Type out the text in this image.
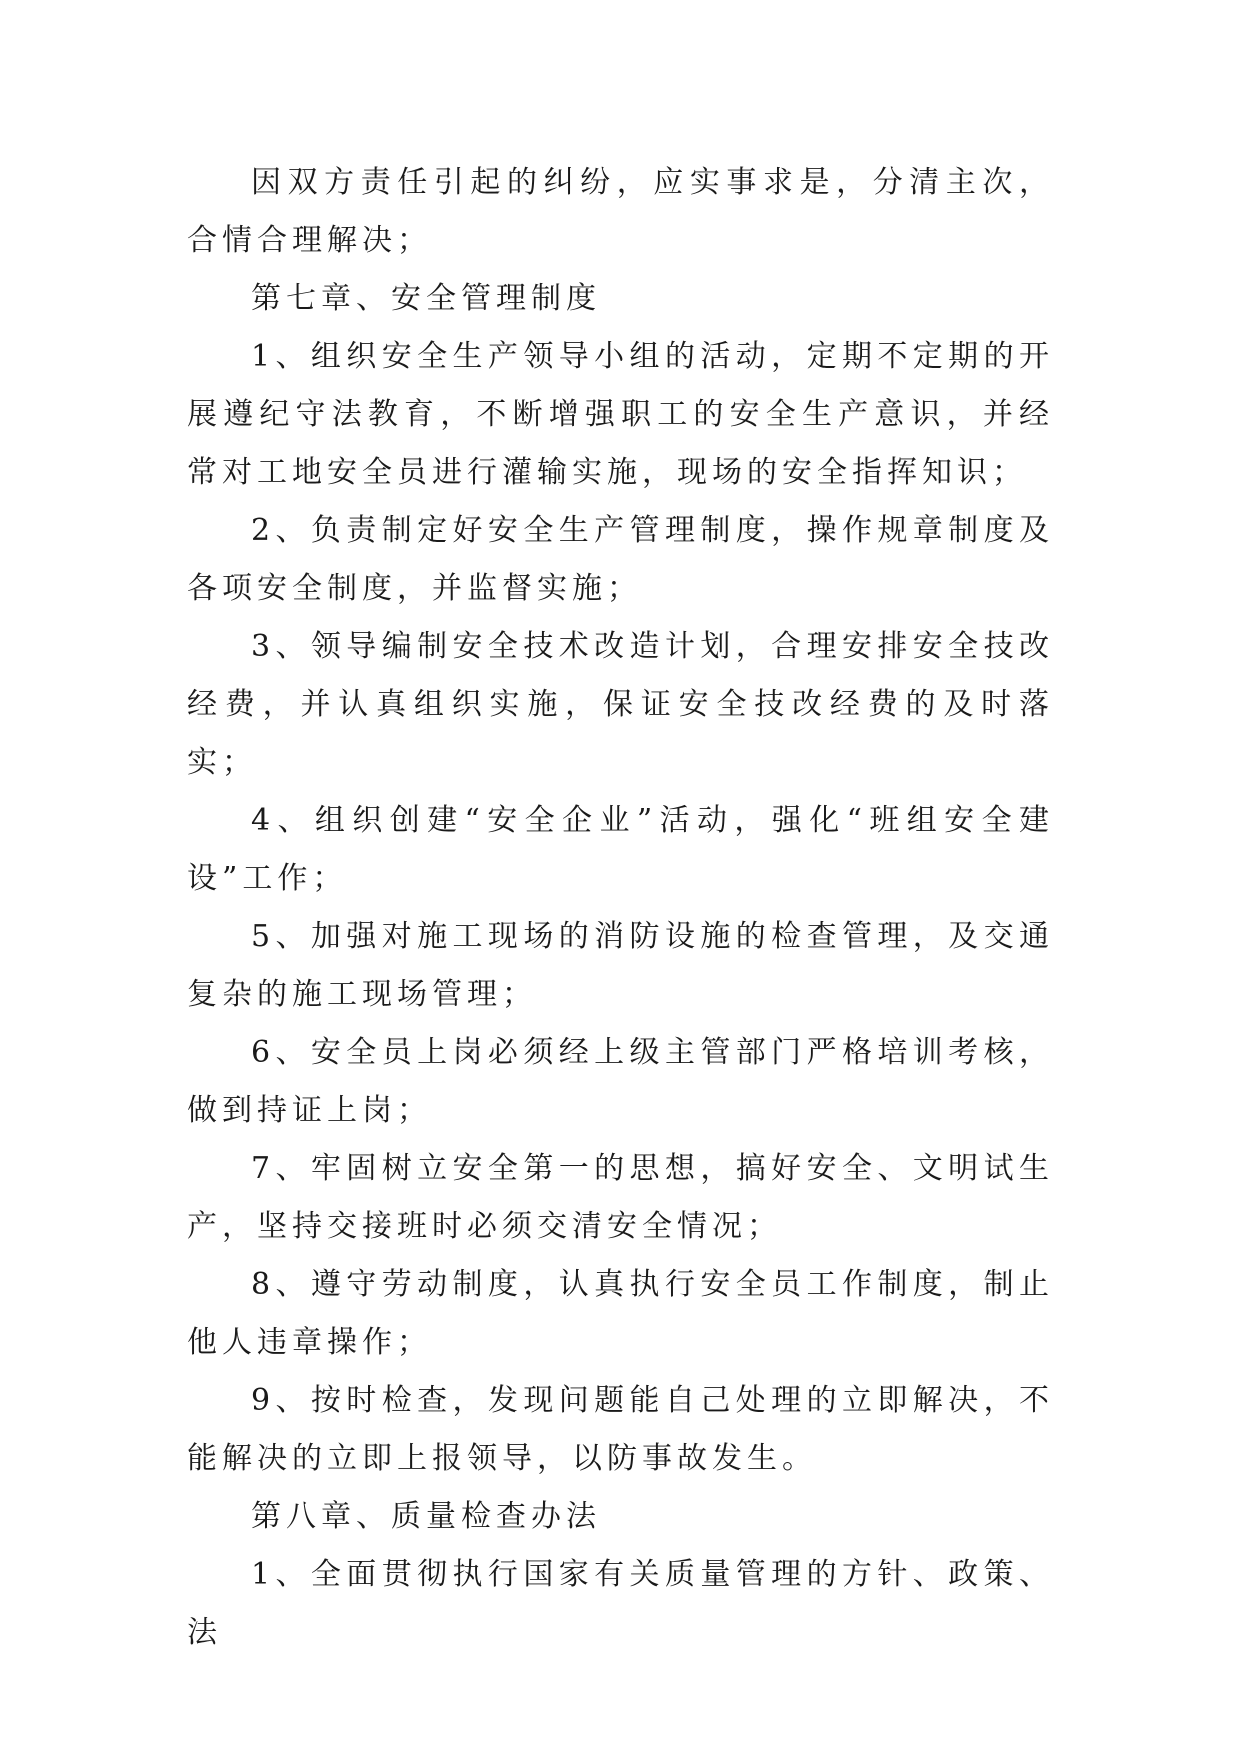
因双方责任引起的纠纷，应实事求是，分清主次，合情合理解决；

第七章、安全管理制度

1、组织安全生产领导小组的活动，定期不定期的开展遵纪守法教育，不断增强职工的安全生产意识，并经常对工地安全员进行灌输实施，现场的安全指挥知识；

2、负责制定好安全生产管理制度，操作规章制度及各项安全制度，并监督实施；

3、领导编制安全技术改造计划，合理安排安全技改经费，并认真组织实施，保证安全技改经费的及时落实；

4、组织创建“安全企业”活动，强化“班组安全建设”工作；

5、加强对施工现场的消防设施的检查管理，及交通复杂的施工现场管理；

6、安全员上岗必须经上级主管部门严格培训考核，做到持证上岗；

7、牢固树立安全第一的思想，搞好安全、文明试生产，坚持交接班时必须交清安全情况；

8、遵守劳动制度，认真执行安全员工作制度，制止他人违章操作；

9、按时检查，发现问题能自己处理的立即解决，不能解决的立即上报领导，以防事故发生。

第八章、质量检查办法

1、全面贯彻执行国家有关质量管理的方针、政策、法
